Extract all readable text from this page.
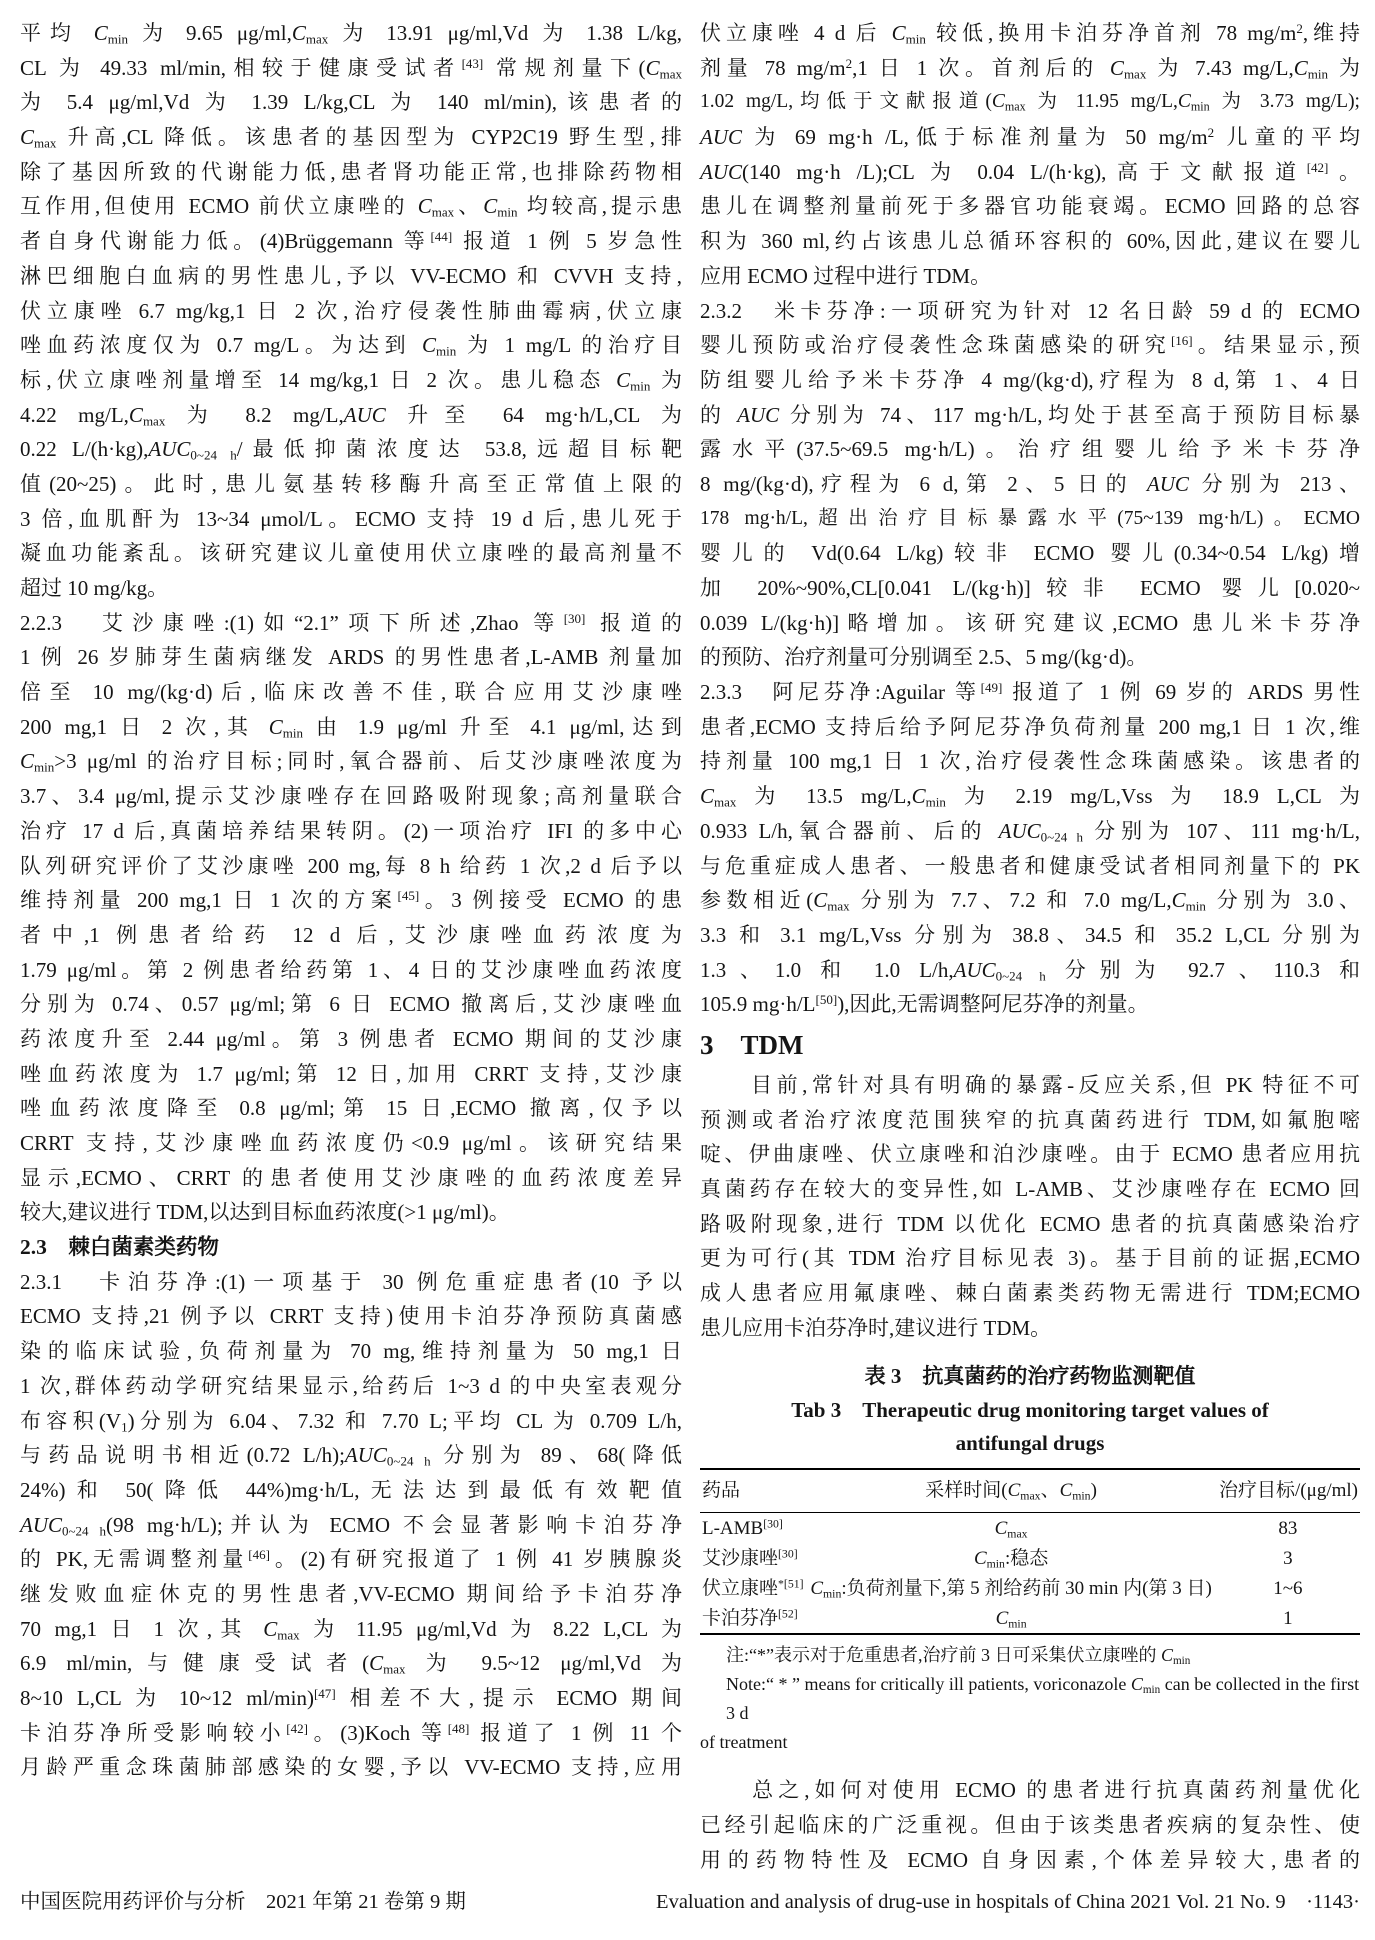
平均 $C_{min}$ 为 9.65 $\mu g/ml,C_{max}$ 为 13.91 μg/ml,Vd 为 1.38 L/kg,
CL 为 49.33 ml/min,相较于健康受试者[43] 常规剂量下($C_{max}$
为 5.4 μg/ml,Vd 为 1.39 L/kg,CL 为 140 ml/min),该患者的
$C_{max}$ 升高,CL 降低。该患者的基因型为 CYP2C19 野生型,排
除了基因所致的代谢能力低,患者肾功能正常,也排除药物相
互作用,但使用 ECMO 前伏立康唑的 $C_{max}$、$C_{min}$ 均较高,提示患
者自身代谢能力低。(4)Brüggemann 等[44] 报道 1 例 5 岁急性
淋巴细胞白血病的男性患儿,予以 VV-ECMO 和 CVVH 支持,
伏立康唑 6.7 mg/kg,1 日 2 次,治疗侵袭性肺曲霉病,伏立康
唑血药浓度仅为 0.7 mg/L。为达到 $C_{min}$ 为 1 mg/L 的治疗目
标,伏立康唑剂量增至 14 mg/kg,1 日 2 次。患儿稳态 $C_{min}$ 为
4.22 $mg/L,C_{max}$ 为 8.2 mg/L,AUC 升至 64 mg·h/L,CL 为
0.22 $L/(h\cdot kg),AUC_{0\sim 24 h}/$最低抑菌浓度达 53.8,远超目标靶
值(20~25)。此时,患儿氨基转移酶升高至正常值上限的
3 倍,血肌酐为 13~34 μmol/L。ECMO 支持 19 d 后,患儿死于
凝血功能紊乱。该研究建议儿童使用伏立康唑的最高剂量不
超过 10 mg/kg。
2.2.3　艾沙康唑:(1)如“2.1”项下所述,Zhao 等[30] 报道的
1 例 26 岁肺芽生菌病继发 ARDS 的男性患者,L-AMB 剂量加
倍至 10 mg/(kg·d)后,临床改善不佳,联合应用艾沙康唑
200 mg,1 日 2 次,其 $C_{min}$ 由 1.9 μg/ml 升至 4.1 μg/ml,达到
$C_{min}>3$ μg/ml 的治疗目标;同时,氧合器前、后艾沙康唑浓度为
3.7、3.4 μg/ml,提示艾沙康唑存在回路吸附现象;高剂量联合
治疗 17 d 后,真菌培养结果转阴。(2)一项治疗 IFI 的多中心
队列研究评价了艾沙康唑 200 mg,每 8 h 给药 1 次,2 d 后予以
维持剂量 200 mg,1 日 1 次的方案[45]。3 例接受 ECMO 的患
者中,1 例患者给药 12 d 后,艾沙康唑血药浓度为
1.79 μg/ml。第 2 例患者给药第 1、4 日的艾沙康唑血药浓度
分别为 0.74、0.57 μg/ml;第 6 日 ECMO 撤离后,艾沙康唑血
药浓度升至 2.44 μg/ml。第 3 例患者 ECMO 期间的艾沙康
唑血药浓度为 1.7 μg/ml;第 12 日,加用 CRRT 支持,艾沙康
唑血药浓度降至 0.8 μg/ml;第 15 日,ECMO 撤离,仅予以
CRRT 支持,艾沙康唑血药浓度仍<0.9 μg/ml。该研究结果
显示,ECMO、CRRT 的患者使用艾沙康唑的血药浓度差异
较大,建议进行 TDM,以达到目标血药浓度(>1 μg/ml)。
2.3　棘白菌素类药物
2.3.1　卡泊芬净:(1)一项基于 30 例危重症患者(10 予以
ECMO 支持,21 例予以 CRRT 支持)使用卡泊芬净预防真菌感
染的临床试验,负荷剂量为 70 mg,维持剂量为 50 mg,1 日
1 次,群体药动学研究结果显示,给药后 1~3 d 的中央室表观分
布容积$(V_1)$分别为 6.04、7.32 和 7.70 L;平均 CL 为 0.709 L/h,
与药品说明书相近(0.72 $L/h);AUC_{0\sim 24 h}$ 分别为 89、68(降低
24%)和 50(降低 44%)mg·h/L,无法达到最低有效靶值
$AUC_{0\sim 24 h}(98$ mg·h/L);并认为 ECMO 不会显著影响卡泊芬净
的 PK,无需调整剂量[46]。(2)有研究报道了 1 例 41 岁胰腺炎
继发败血症休克的男性患者,VV-ECMO 期间给予卡泊芬净
70 mg,1 日 1 次,其 $C_{max}$ 为 11.95 μg/ml,Vd 为 8.22 L,CL 为
6.9 ml/min,与健康受试者($C_{max}$ 为 9.5~12 μg/ml,Vd 为
8~10 L,CL 为 10~12 ml/min)[47] 相差不大,提示 ECMO 期间
卡泊芬净所受影响较小[42]。(3)Koch 等[48] 报道了 1 例 11 个
月龄严重念珠菌肺部感染的女婴,予以 VV-ECMO 支持,应用
伏立康唑 4 d 后 $C_{min}$ 较低,换用卡泊芬净首剂 78 $mg/m^2$,维持
剂量 78 $mg/m^2,1$ 日 1 次。首剂后的 $C_{max}$ 为 7.43 $mg/L,C_{min}$ 为
1.02 mg/L,均低于文献报道($C_{max}$ 为 11.95 $mg/L,C_{min}$ 为 3.73 mg/L);
AUC 为 69 mg·h /L,低于标准剂量为 50 $mg/m^2$ 儿童的平均
AUC(140 mg·h /L);CL 为 0.04 L/(h·kg),高于文献报道[42]。
患儿在调整剂量前死于多器官功能衰竭。ECMO 回路的总容
积为 360 ml,约占该患儿总循环容积的 60%,因此,建议在婴儿
应用 ECMO 过程中进行 TDM。
2.3.2　米卡芬净:一项研究为针对 12 名日龄 59 d 的 ECMO
婴儿预防或治疗侵袭性念珠菌感染的研究[16]。结果显示,预
防组婴儿给予米卡芬净 4 mg/(kg·d),疗程为 8 d,第 1、4 日
的 AUC 分别为 74、117 mg·h/L,均处于甚至高于预防目标暴
露水平(37.5~69.5 mg·h/L)。治疗组婴儿给予米卡芬净
8 mg/(kg·d),疗程为 6 d,第 2、5 日的 AUC 分别为 213、
178 mg·h/L,超出治疗目标暴露水平(75~139 mg·h/L)。ECMO
婴儿的 Vd(0.64 L/kg)较非 ECMO 婴儿(0.34~0.54 L/kg)增
加 20%~90%,CL[0.041 L/(kg·h)]较非 ECMO 婴儿[0.020~
0.039 L/(kg·h)]略增加。该研究建议,ECMO 患儿米卡芬净
的预防、治疗剂量可分别调至 2.5、5 mg/(kg·d)。
2.3.3　阿尼芬净:Aguilar 等[49] 报道了 1 例 69 岁的 ARDS 男性
患者,ECMO 支持后给予阿尼芬净负荷剂量 200 mg,1 日 1 次,维
持剂量 100 mg,1 日 1 次,治疗侵袭性念珠菌感染。该患者的
$C_{max}$ 为 13.5 $mg/L,C_{min}$ 为 2.19 mg/L,Vss 为 18.9 L,CL 为
0.933 L/h,氧合器前、后的 $AUC_{0\sim 24 h}$ 分别为 107、111 mg·h/L,
与危重症成人患者、一般患者和健康受试者相同剂量下的 PK
参数相近($C_{max}$ 分别为 7.7、7.2 和 7.0 $mg/L,C_{min}$ 分别为 3.0、
3.3 和 3.1 mg/L,Vss 分别为 38.8、34.5 和 35.2 L,CL 分别为
1.3、1.0 和 1.0 $L/h,AUC_{0\sim 24 h}$ 分别为 92.7、110.3 和
105.9 mg·h/L[50]),因此,无需调整阿尼芬净的剂量。
3　TDM
　　目前,常针对具有明确的暴露-反应关系,但 PK 特征不可
预测或者治疗浓度范围狭窄的抗真菌药进行 TDM,如氟胞嘧
啶、伊曲康唑、伏立康唑和泊沙康唑。由于 ECMO 患者应用抗
真菌药存在较大的变异性,如 L-AMB、艾沙康唑存在 ECMO 回
路吸附现象,进行 TDM 以优化 ECMO 患者的抗真菌感染治疗
更为可行(其 TDM 治疗目标见表 3)。基于目前的证据,ECMO
成人患者应用氟康唑、棘白菌素类药物无需进行 TDM;ECMO
患儿应用卡泊芬净时,建议进行 TDM。
表 3　抗真菌药的治疗药物监测靶值
Tab 3　Therapeutic drug monitoring target values of
antifungal drugs
药品	采样时间($C_{max}$、$C_{min}$)	治疗目标/(μg/ml)
L-AMB[30]	$C_{max}$	83
艾沙康唑[30]	$C_{min}$:稳态	3
伏立康唑$^{*[51]}$	$C_{min}$:负荷剂量下,第 5 剂给药前 30 min 内(第 3 日)	1~6
卡泊芬净[52]	$C_{min}$	1
注:“*”表示对于危重患者,治疗前 3 日可采集伏立康唑的 $C_{min}$
Note:“ * ” means for critically ill patients, voriconazole $C_{min}$ can be collected in the first 3 d
of treatment
　　总之,如何对使用 ECMO 的患者进行抗真菌药剂量优化
已经引起临床的广泛重视。但由于该类患者疾病的复杂性、使
用的药物特性及 ECMO 自身因素,个体差异较大,患者的
中国医院用药评价与分析　2021 年第 21 卷第 9 期	Evaluation and analysis of drug-use in hospitals of China 2021 Vol. 21 No. 9　·1143·
